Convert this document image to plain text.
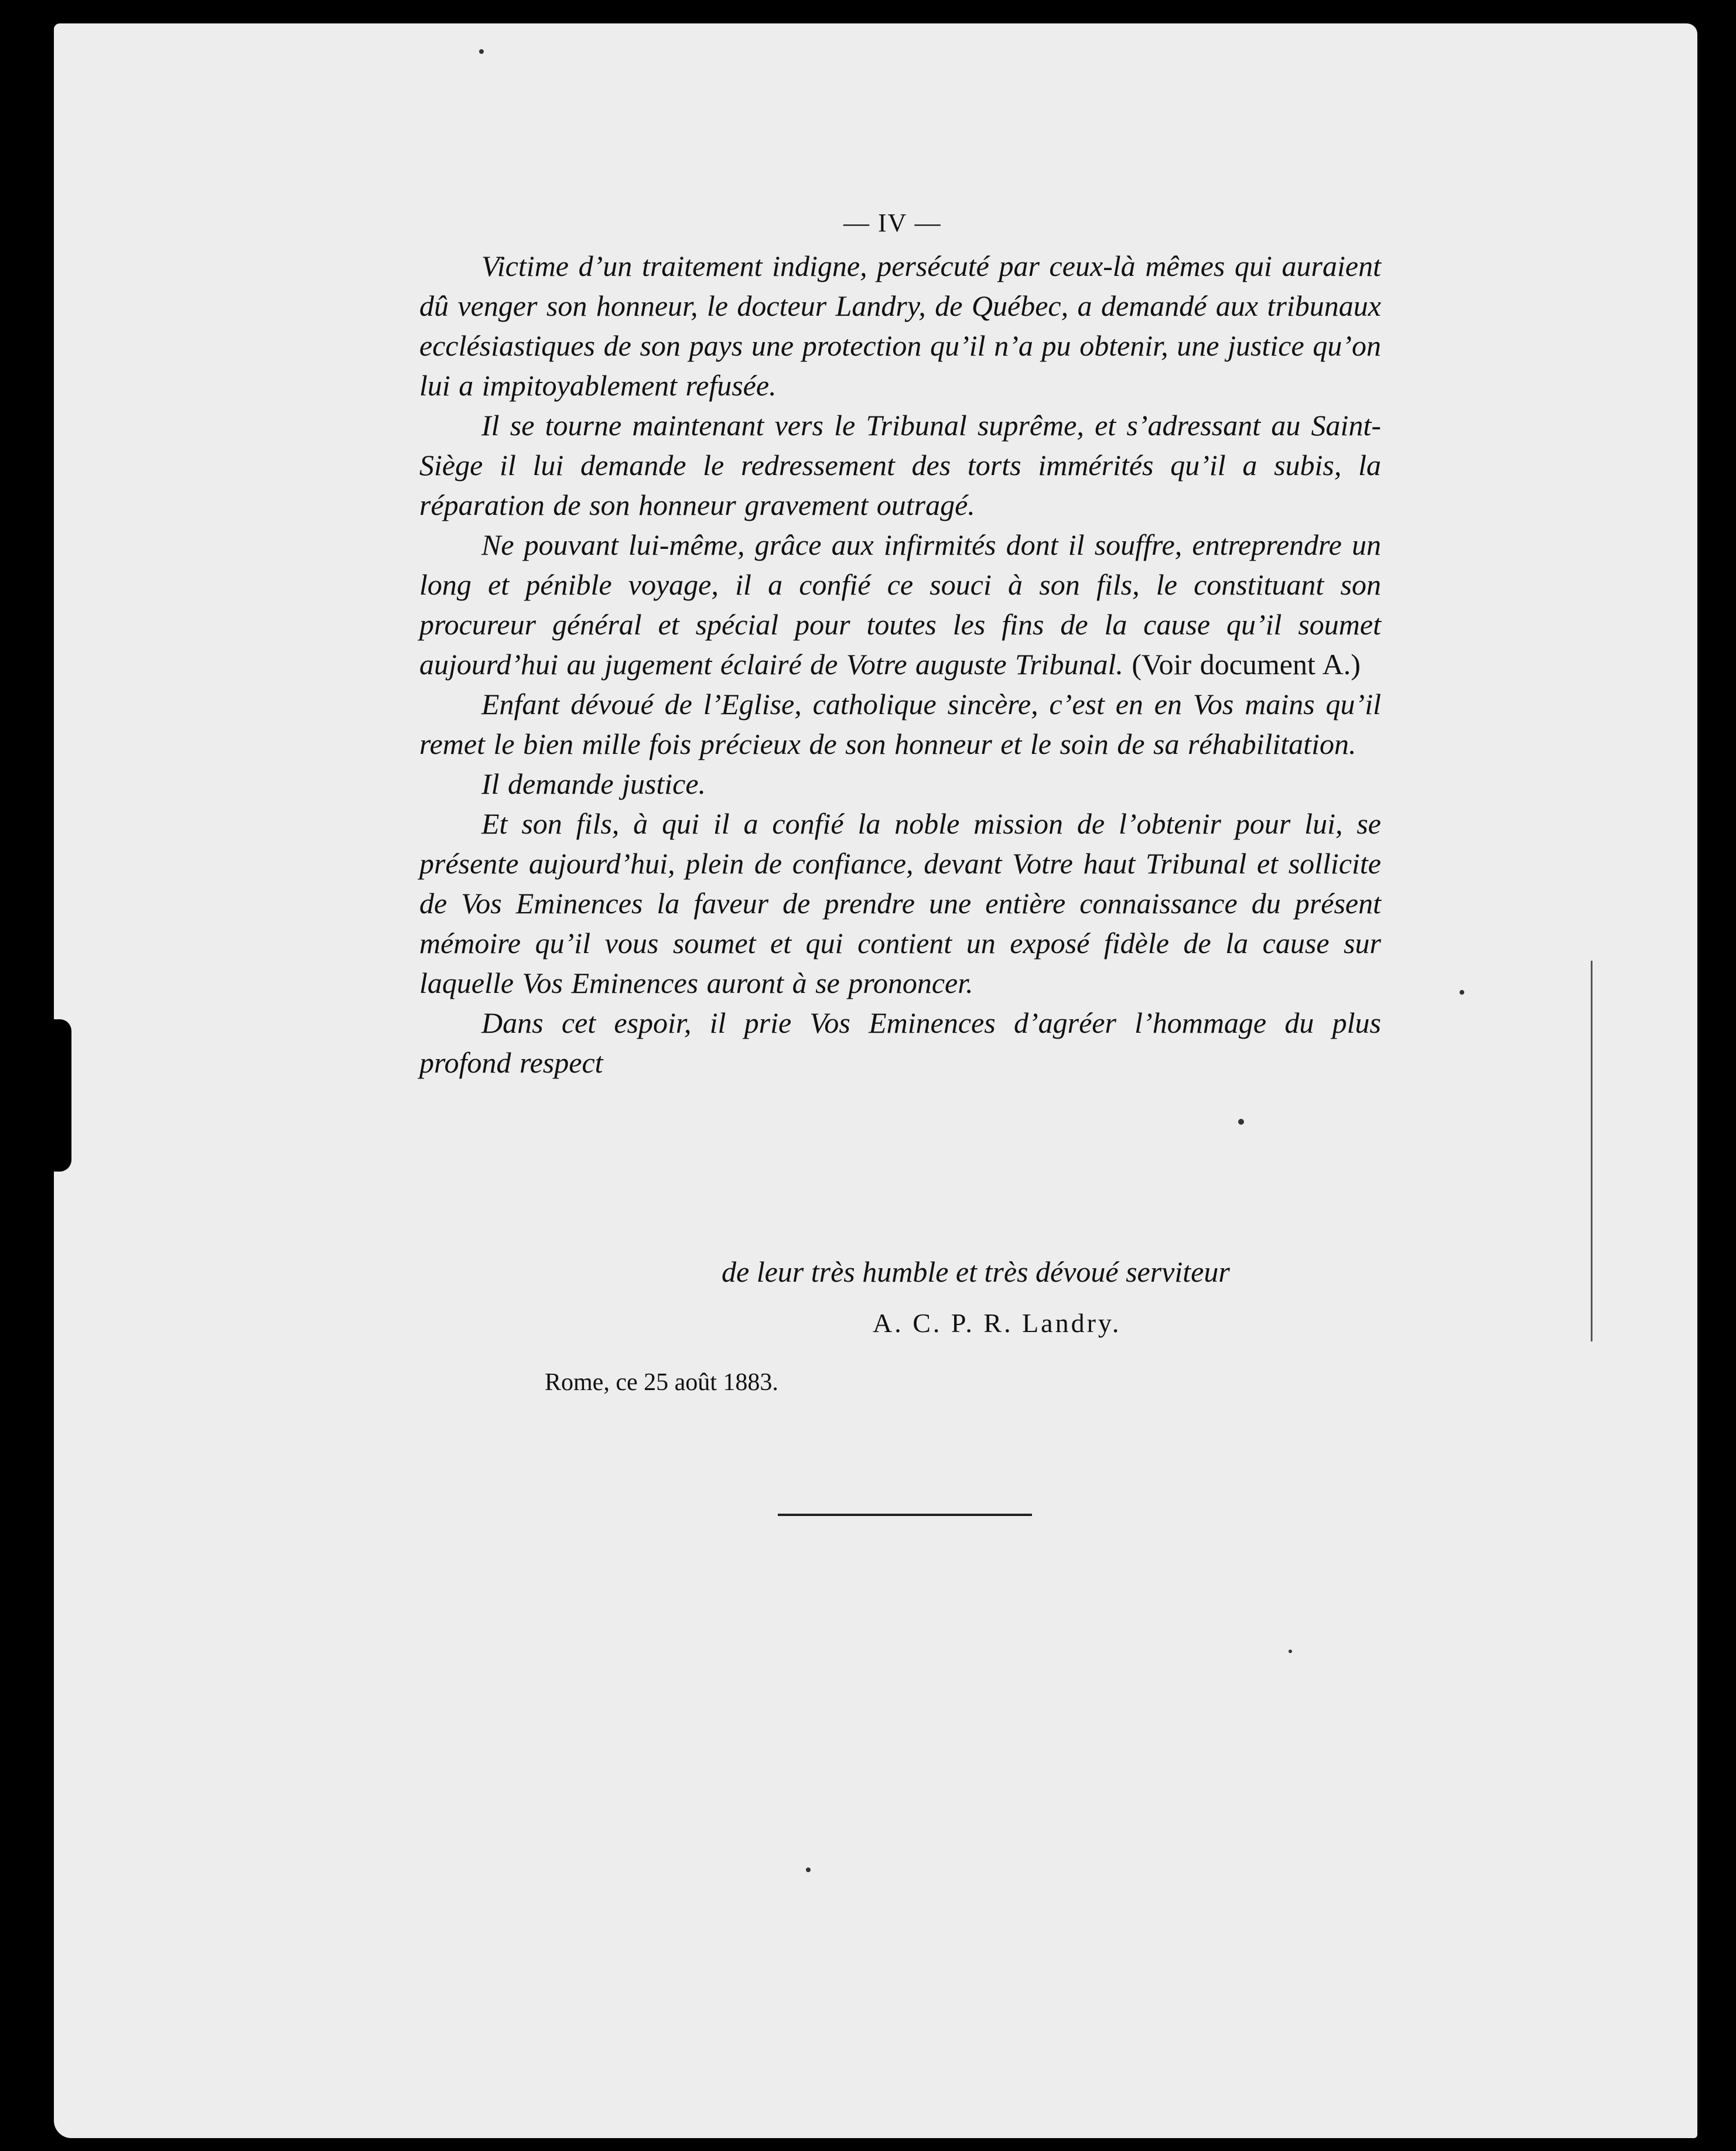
— IV —

Victime d’un traitement indigne, persécuté par ceux-là mêmes qui auraient dû venger son honneur, le docteur Landry, de Québec, a demandé aux tribunaux ecclésiastiques de son pays une protection qu’il n’a pu obtenir, une justice qu’on lui a impitoyablement refusée.

Il se tourne maintenant vers le Tribunal suprême, et s’adressant au Saint-Siège il lui demande le redressement des torts immérités qu’il a subis, la réparation de son honneur gravement outragé.

Ne pouvant lui-même, grâce aux infirmités dont il souffre, entreprendre un long et pénible voyage, il a confié ce souci à son fils, le constituant son procureur général et spécial pour toutes les fins de la cause qu’il soumet aujourd’hui au jugement éclairé de Votre auguste Tribunal. (Voir document A.)

Enfant dévoué de l’Eglise, catholique sincère, c’est en en Vos mains qu’il remet le bien mille fois précieux de son honneur et le soin de sa réhabilitation.

Il demande justice.

Et son fils, à qui il a confié la noble mission de l’obtenir pour lui, se présente aujourd’hui, plein de confiance, devant Votre haut Tribunal et sollicite de Vos Eminences la faveur de prendre une entière connaissance du présent mémoire qu’il vous soumet et qui contient un exposé fidèle de la cause sur laquelle Vos Eminences auront à se prononcer.

Dans cet espoir, il prie Vos Eminences d’agréer l’hommage du plus profond respect

de leur très humble et très dévoué serviteur
A. C. P. R. Landry.
Rome, ce 25 août 1883.
